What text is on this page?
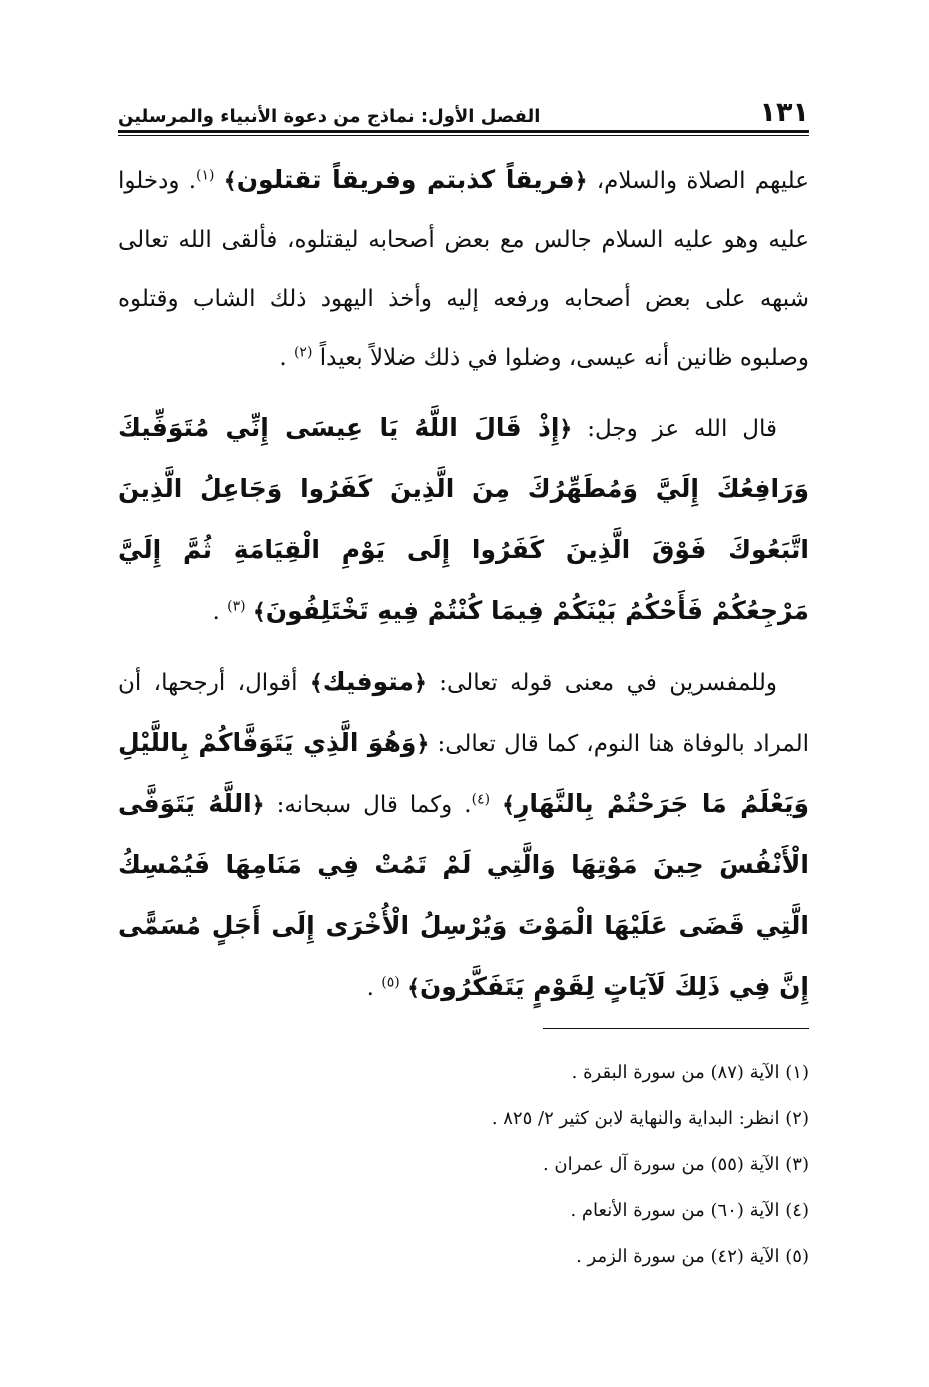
١٣١
الفصل الأول: نماذج من دعوة الأنبياء والمرسلين

عليهم الصلاة والسلام، ﴿فريقاً كذبتم وفريقاً تقتلون﴾ $^{(١)}$. ودخلوا عليه وهو عليه السلام جالس مع بعض أصحابه ليقتلوه، فألقى الله تعالى شبهه على بعض أصحابه ورفعه إليه وأخذ اليهود ذلك الشاب وقتلوه وصلبوه ظانين أنه عيسى، وضلوا في ذلك ضلالاً بعيداً $^{(٢)}$ .

قال الله عز وجل: ﴿إِذْ قَالَ اللَّهُ يَا عِيسَى إِنِّي مُتَوَفِّيكَ وَرَافِعُكَ إِلَيَّ وَمُطَهِّرُكَ مِنَ الَّذِينَ كَفَرُوا وَجَاعِلُ الَّذِينَ اتَّبَعُوكَ فَوْقَ الَّذِينَ كَفَرُوا إِلَى يَوْمِ الْقِيَامَةِ ثُمَّ إِلَيَّ مَرْجِعُكُمْ فَأَحْكُمُ بَيْنَكُمْ فِيمَا كُنْتُمْ فِيهِ تَخْتَلِفُونَ﴾ $^{(٣)}$ .

وللمفسرين في معنى قوله تعالى: ﴿متوفيك﴾ أقوال، أرجحها، أن المراد بالوفاة هنا النوم، كما قال تعالى: ﴿وَهُوَ الَّذِي يَتَوَفَّاكُمْ بِاللَّيْلِ وَيَعْلَمُ مَا جَرَحْتُمْ بِالنَّهَارِ﴾ $^{(٤)}$. وكما قال سبحانه: ﴿اللَّهُ يَتَوَفَّى الْأَنْفُسَ حِينَ مَوْتِهَا وَالَّتِي لَمْ تَمُتْ فِي مَنَامِهَا فَيُمْسِكُ الَّتِي قَضَى عَلَيْهَا الْمَوْتَ وَيُرْسِلُ الْأُخْرَى إِلَى أَجَلٍ مُسَمًّى إِنَّ فِي ذَلِكَ لَآيَاتٍ لِقَوْمٍ يَتَفَكَّرُونَ﴾ $^{(٥)}$ .

(١) الآية (٨٧) من سورة البقرة .
(٢) انظر: البداية والنهاية لابن كثير ٢/ ٨٢٥ .
(٣) الآية (٥٥) من سورة آل عمران .
(٤) الآية (٦٠) من سورة الأنعام .
(٥) الآية (٤٢) من سورة الزمر .
